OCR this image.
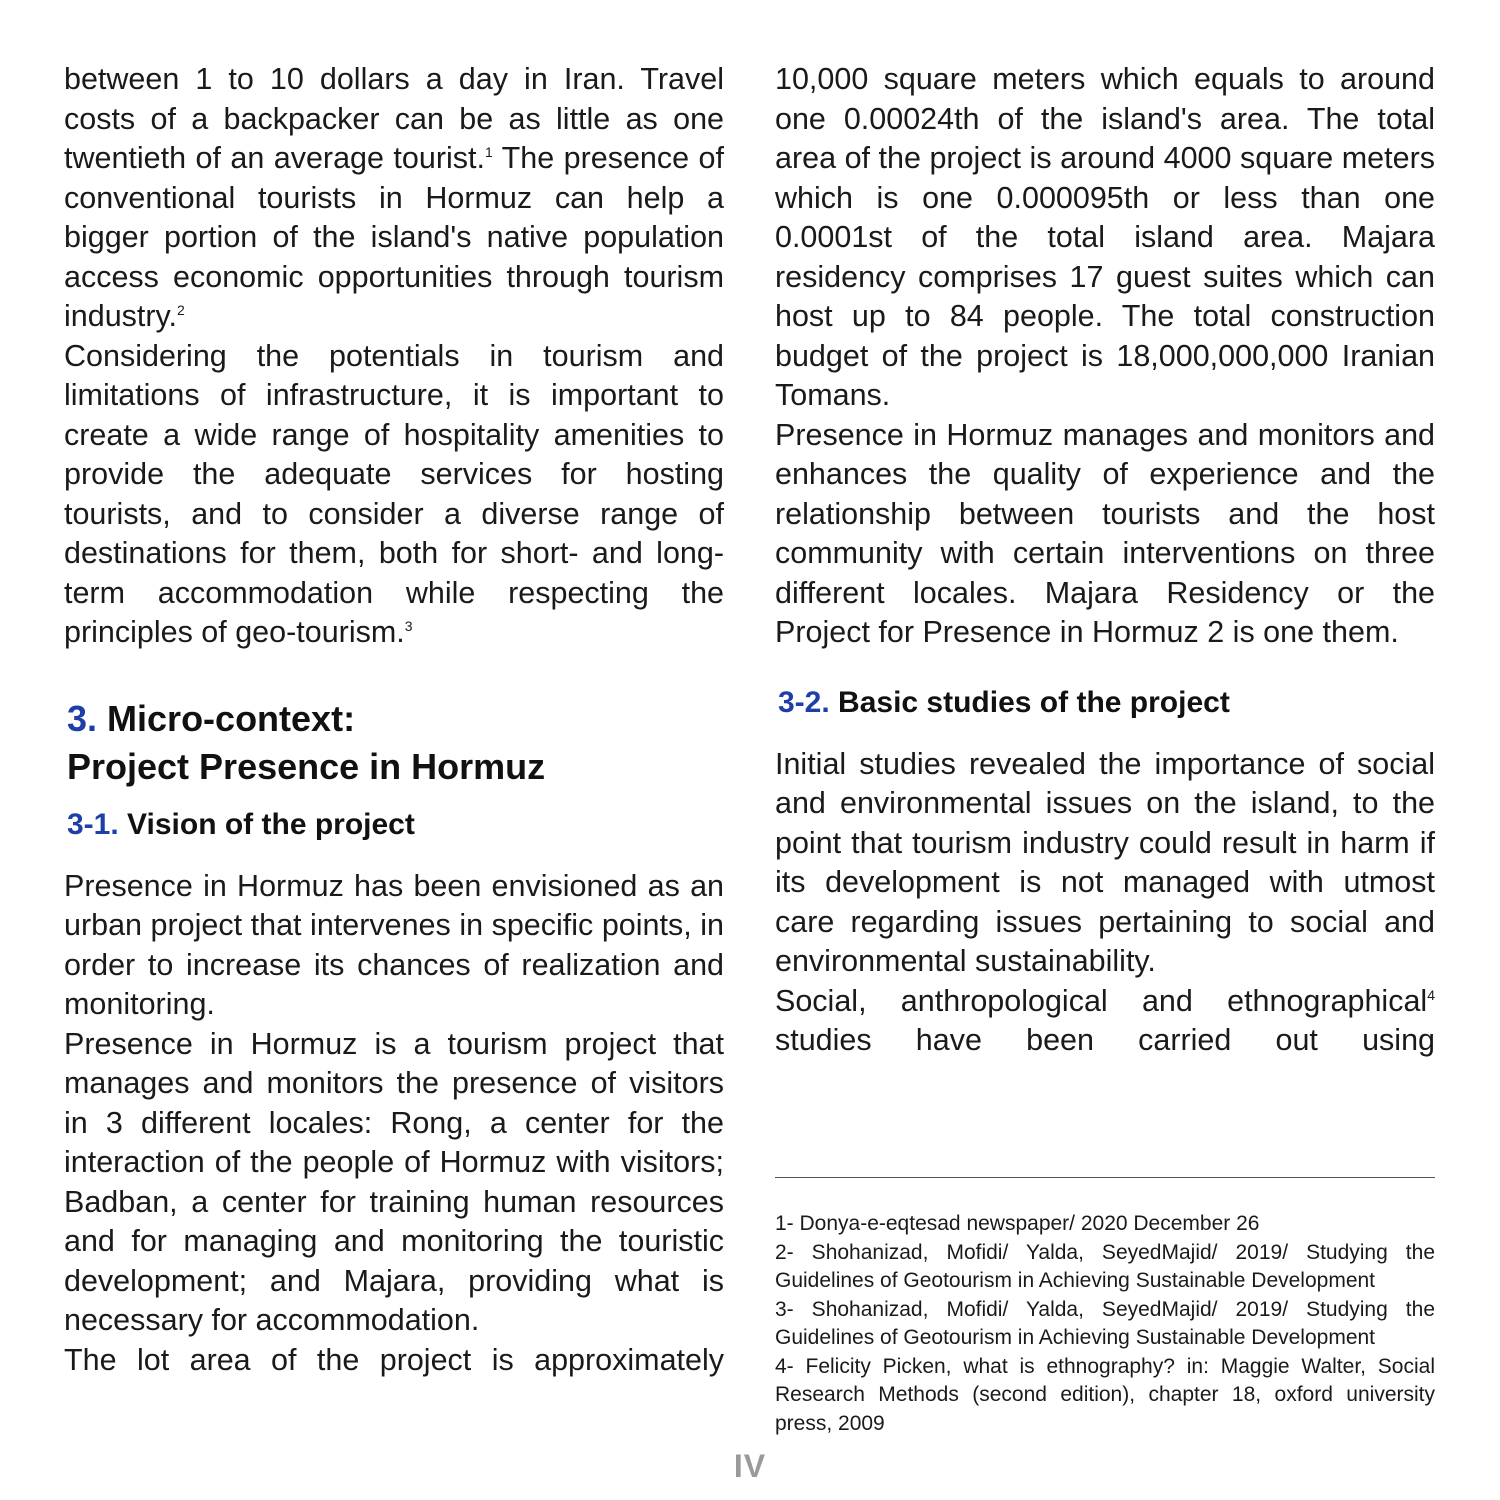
between 1 to 10 dollars a day in Iran. Travel costs of a backpacker can be as little as one twentieth of an average tourist.$^1$ The presence of conventional tourists in Hormuz can help a bigger portion of the island's native population access economic opportunities through tourism industry.$^2$

Considering the potentials in tourism and limitations of infrastructure, it is important to create a wide range of hospitality amenities to provide the adequate services for hosting tourists, and to consider a diverse range of destinations for them, both for short- and long-term accommodation while respecting the principles of geo-tourism.$^3$

3. Micro-context:
Project Presence in Hormuz
3-1. Vision of the project

Presence in Hormuz has been envisioned as an urban project that intervenes in specific points, in order to increase its chances of realization and monitoring.

Presence in Hormuz is a tourism project that manages and monitors the presence of visitors in 3 different locales: Rong, a center for the interaction of the people of Hormuz with visitors; Badban, a center for training human resources and for managing and monitoring the touristic development; and Majara, providing what is necessary for accommodation.

The lot area of the project is approximately

10,000 square meters which equals to around one 0.00024th of the island's area. The total area of the project is around 4000 square meters which is one 0.000095th or less than one 0.0001st of the total island area. Majara residency comprises 17 guest suites which can host up to 84 people. The total construction budget of the project is 18,000,000,000 Iranian Tomans.

Presence in Hormuz manages and monitors and enhances the quality of experience and the relationship between tourists and the host community with certain interventions on three different locales. Majara Residency or the Project for Presence in Hormuz 2 is one them.

3-2. Basic studies of the project

Initial studies revealed the importance of social and environmental issues on the island, to the point that tourism industry could result in harm if its development is not managed with utmost care regarding issues pertaining to social and environmental sustainability.

Social, anthropological and ethnographical$^4$ studies have been carried out using

1- Donya-e-eqtesad newspaper/ 2020 December 26

2- Shohanizad, Mofidi/ Yalda, SeyedMajid/ 2019/ Studying the Guidelines of Geotourism in Achieving Sustainable Development

3- Shohanizad, Mofidi/ Yalda, SeyedMajid/ 2019/ Studying the Guidelines of Geotourism in Achieving Sustainable Development

4- Felicity Picken, what is ethnography? in: Maggie Walter, Social Research Methods (second edition), chapter 18, oxford university press, 2009

IV
